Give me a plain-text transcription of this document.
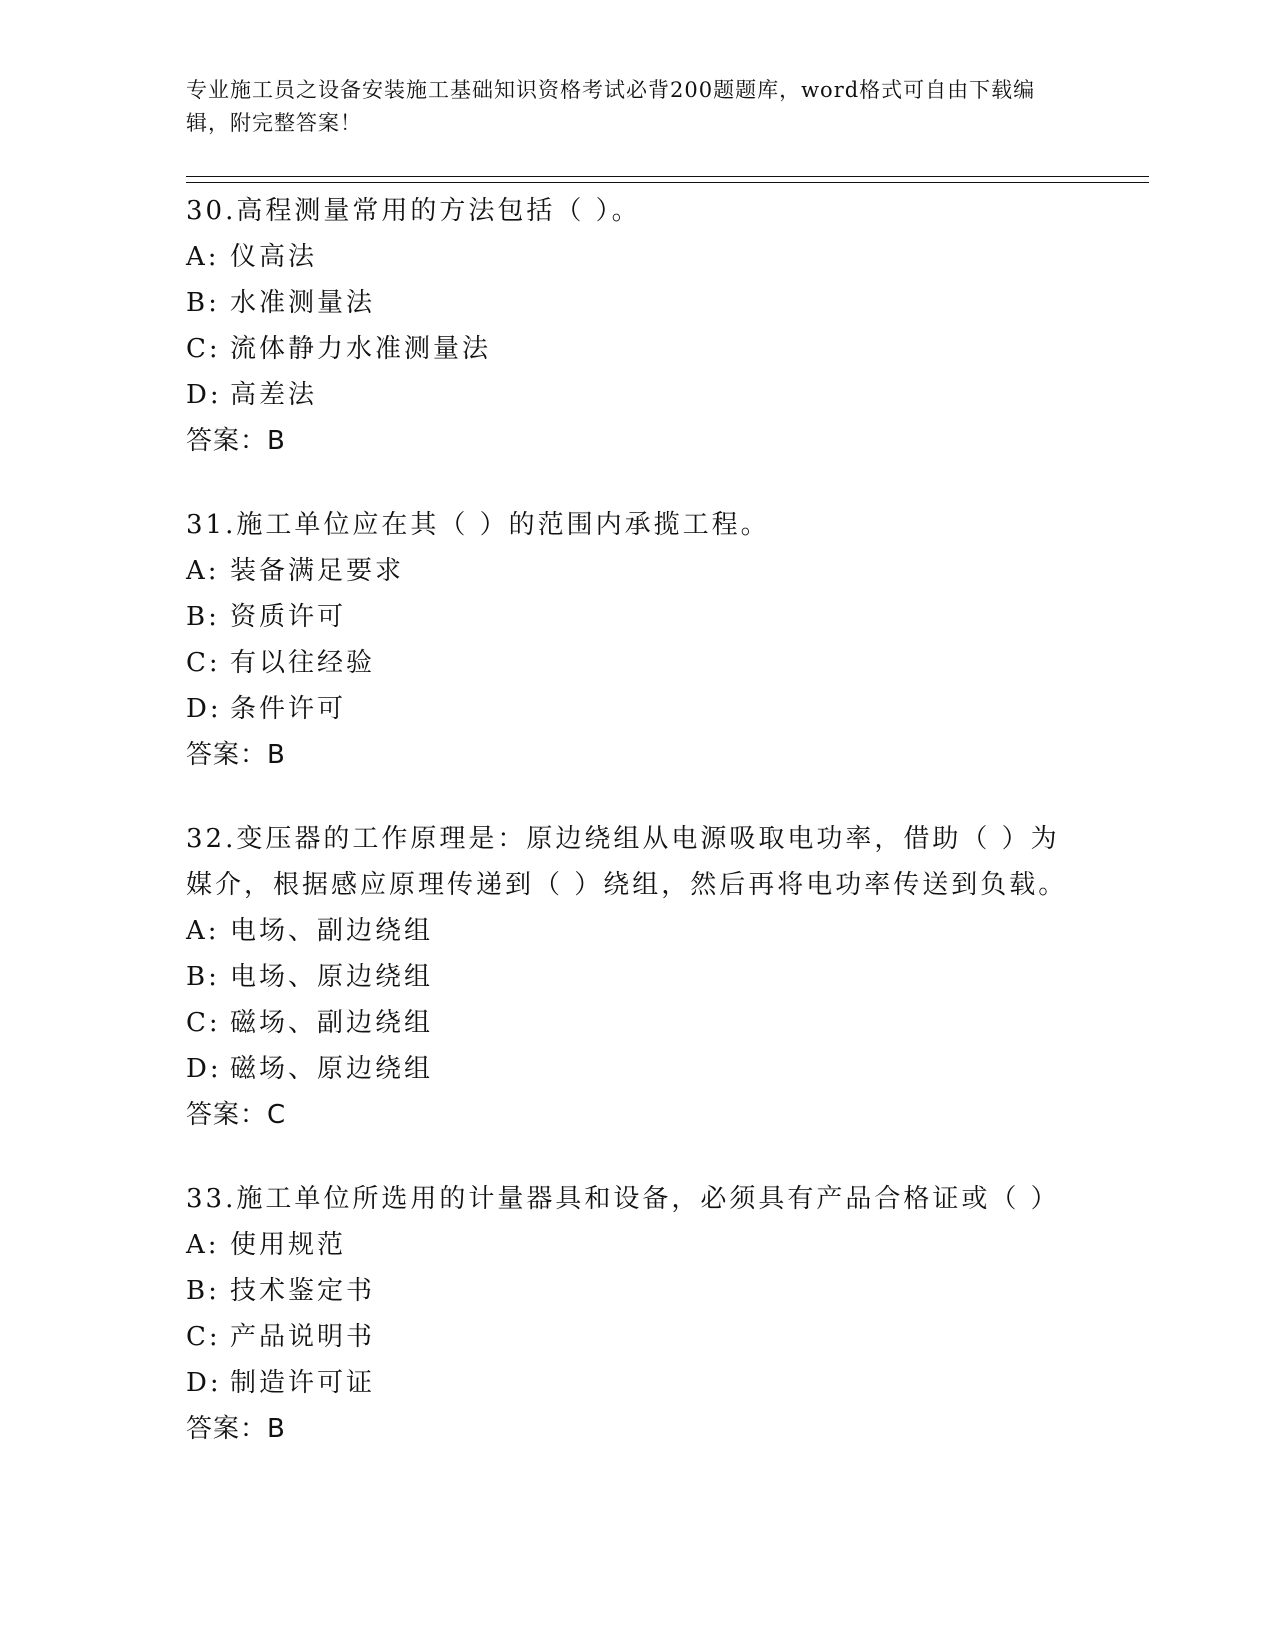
专业施工员之设备安装施工基础知识资格考试必背200题题库，word格式可自由下载编辑，附完整答案！
30.高程测量常用的方法包括（ ）。
A: 仪高法
B: 水准测量法
C: 流体静力水准测量法
D: 高差法
答案：B
31.施工单位应在其（ ）的范围内承揽工程。
A: 装备满足要求
B: 资质许可
C: 有以往经验
D: 条件许可
答案：B
32.变压器的工作原理是：原边绕组从电源吸取电功率，借助（ ）为媒介，根据感应原理传递到（ ）绕组，然后再将电功率传送到负载。
A: 电场、副边绕组
B: 电场、原边绕组
C: 磁场、副边绕组
D: 磁场、原边绕组
答案：C
33.施工单位所选用的计量器具和设备，必须具有产品合格证或（ ）
A: 使用规范
B: 技术鉴定书
C: 产品说明书
D: 制造许可证
答案：B
